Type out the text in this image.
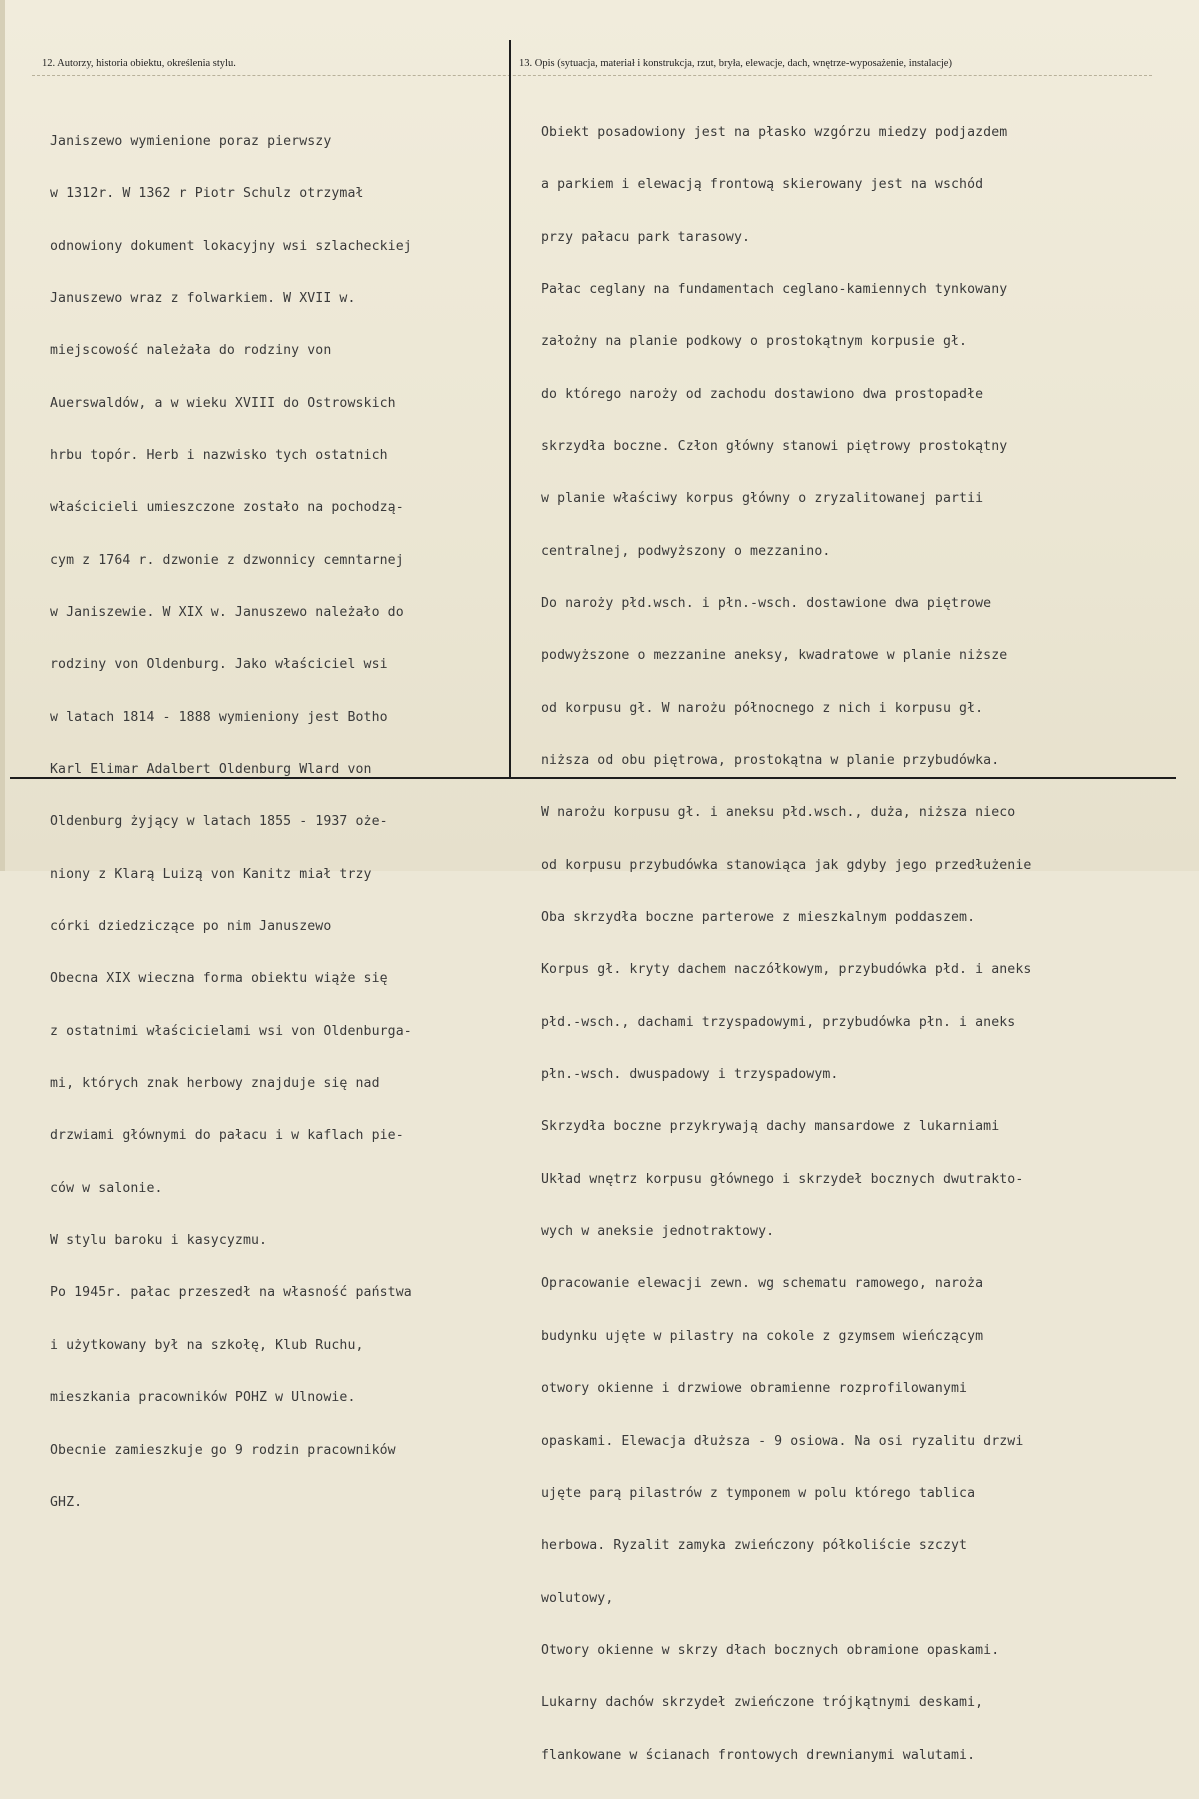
12. Autorzy, historia obiektu, określenia stylu.	13. Opis (sytuacja, materiał i konstrukcja, rzut, bryła, elewacje, dach, wnętrze-wyposażenie, instalacje)

Janiszewo wymienione poraz pierwszy

w 1312r. W 1362 r Piotr Schulz otrzymał

odnowiony dokument lokacyjny wsi szlacheckiej

Januszewo wraz z folwarkiem. W XVII w.

miejscowość należała do rodziny von

Auerswaldów, a w wieku XVIII do Ostrowskich

hrbu topór. Herb i nazwisko tych ostatnich

właścicieli umieszczone zostało na pochodzą-

cym z 1764 r. dzwonie z dzwonnicy cemntarnej

w Janiszewie. W XIX w. Januszewo należało do

rodziny von Oldenburg. Jako właściciel wsi

w latach 1814 - 1888 wymieniony jest Botho

Karl Elimar Adalbert Oldenburg Wlard von

Oldenburg żyjący w latach 1855 - 1937 oże-

niony z Klarą Luizą von Kanitz miał trzy

córki dziedziczące po nim Januszewo

Obecna XIX wieczna forma obiektu wiąże się

z ostatnimi właścicielami wsi von Oldenburga-

mi, których znak herbowy znajduje się nad

drzwiami głównymi do pałacu i w kaflach pie-

ców w salonie.

W stylu baroku i kasycyzmu.

Po 1945r. pałac przeszedł na własność państwa

i użytkowany był na szkołę, Klub Ruchu,

mieszkania pracowników POHZ w Ulnowie.

Obecnie zamieszkuje go 9 rodzin pracowników

GHZ.

Obiekt posadowiony jest na płasko wzgórzu miedzy podjazdem

a parkiem i elewacją frontową skierowany jest na wschód

przy pałacu park tarasowy.

Pałac ceglany na fundamentach ceglano-kamiennych tynkowany

założny na planie podkowy o prostokątnym korpusie gł.

do którego naroży od zachodu dostawiono dwa prostopadłe

skrzydła boczne. Człon główny stanowi piętrowy prostokątny

w planie właściwy korpus główny o zryzalitowanej partii

centralnej, podwyższony o mezzanino.

Do naroży płd.wsch. i płn.-wsch. dostawione dwa piętrowe

podwyższone o mezzanine aneksy, kwadratowe w planie niższe

od korpusu gł. W narożu północnego z nich i korpusu gł.

niższa od obu piętrowa, prostokątna w planie przybudówka.

W narożu korpusu gł. i aneksu płd.wsch., duża, niższa nieco

od korpusu przybudówka stanowiąca jak gdyby jego przedłużenie

Oba skrzydła boczne parterowe z mieszkalnym poddaszem.

Korpus gł. kryty dachem naczółkowym, przybudówka płd. i aneks

płd.-wsch., dachami trzyspadowymi, przybudówka płn. i aneks

płn.-wsch. dwuspadowy i trzyspadowym.

Skrzydła boczne przykrywają dachy mansardowe z lukarniami

Układ wnętrz korpusu głównego i skrzydeł bocznych dwutrakto-

wych w aneksie jednotraktowy.

Opracowanie elewacji zewn. wg schematu ramowego, naroża

budynku ujęte w pilastry na cokole z gzymsem wieńczącym

otwory okienne i drzwiowe obramienne rozprofilowanymi

opaskami. Elewacja dłuższa - 9 osiowa. Na osi ryzalitu drzwi

ujęte parą pilastrów z tymponem w polu którego tablica

herbowa. Ryzalit zamyka zwieńczony półkoliście szczyt

wolutowy,

Otwory okienne w skrzy dłach bocznych obramione opaskami.

Lukarny dachów skrzydeł zwieńczone trójkątnymi deskami,

flankowane w ścianach frontowych drewnianymi walutami.
